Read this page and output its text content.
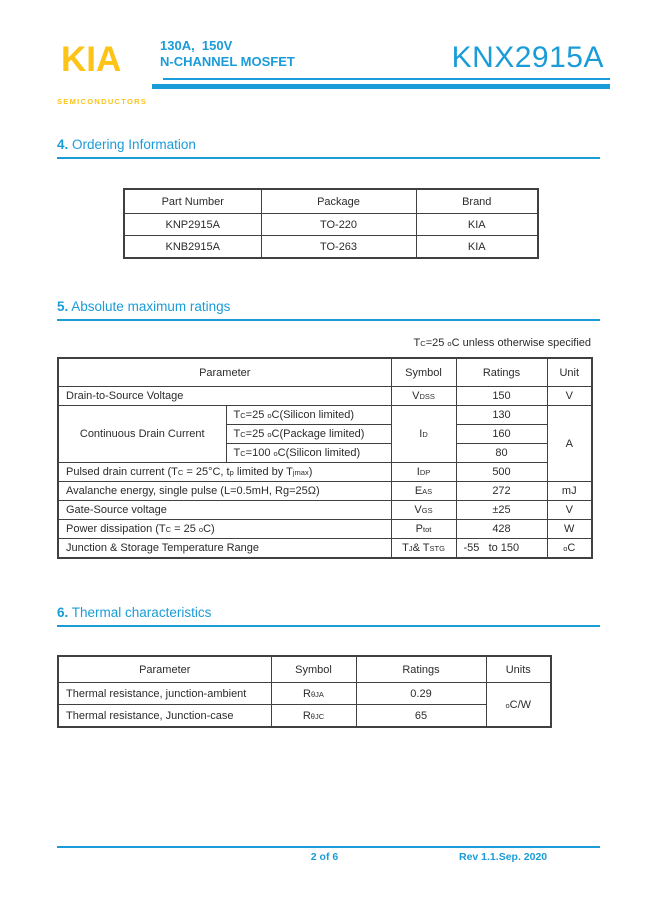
KIA
SEMICONDUCTORS
130A,  150V
N-CHANNEL MOSFET	KNX2915A
4. Ordering Information
Part Number	Package	Brand
KNP2915A	TO-220	KIA
KNB2915A	TO-263	KIA
5. Absolute maximum ratings
$T_C=25$ $^o$C unless otherwise specified
Parameter		Symbol	Ratings	Unit
Drain-to-Source Voltage		$V_{DSS}$	150	V
Continuous Drain Current	$T_C=25$ $^o$C(Silicon limited)	$I_D$	130	A
	$T_C=25$ $^o$C(Package limited)		160	
	$T_C=100$ $^o$C(Silicon limited)		80	
Pulsed drain current ($T_C = 25^\circ C$, $t_p$ limited by $T_{jmax}$)		$I_{DP}$	500	
Avalanche energy, single pulse (L=0.5mH, Rg=25Ω)		$E_{AS}$	272	mJ
Gate-Source voltage		$V_{GS}$	±25	V
Power dissipation ($T_C = 25$ $^o$C)		$P_{tot}$	428	W
Junction & Storage Temperature Range		$T_J\&$ $T_{STG}$	-55   to 150	$^o$C
6. Thermal characteristics
Parameter	Symbol	Ratings	Units
Thermal resistance, junction-ambient	$R_{\theta JA}$	0.29	$^o$C/W
Thermal resistance, Junction-case	$R_{\theta JC}$	65	
2 of 6	Rev 1.1.Sep. 2020
